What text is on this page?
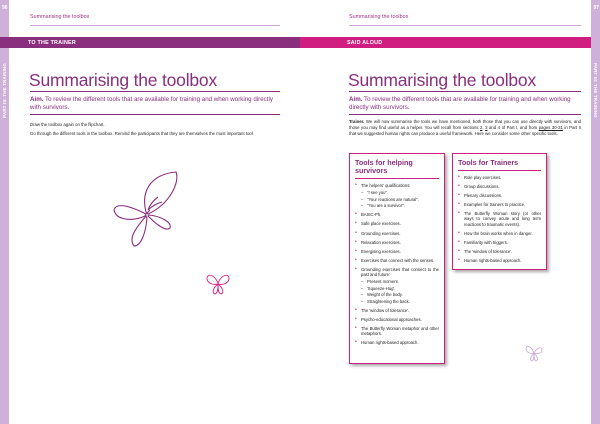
96
PART III: THE TRAINING
Summarising the toolbox
TO THE TRAINER
Summarising the toolbox

Aim. To review the different tools that are available for training and when working directly with survivors.

Draw the toolbox again on the flipchart.

Go through the different tools in the toolbox. Remind the participants that they are themselves the most important tool.

97
PART III: THE TRAINING
Summarising the toolbox
SAID ALOUD
Summarising the toolbox

Aim. To review the different tools that are available for training and when working directly with survivors.

Trainer. We will now summarise the tools we have mentioned, both those that you can use directly with survivors, and those you may find useful as a helper. You will recall from sections 2, 3 and 4 of Part I, and from pages 30-31 in Part II that we suggested human rights can produce a useful framework. Here we consider some other specific tools.

Tools for helping survivors
• The helpers' qualifications:
– "I see you".
– "Your reactions are natural".
– "You are a survivor".
• BASIC-Ph.
• Safe place exercises.
• Grounding exercises.
• Relaxation exercises.
• Energising exercises.
• Exercises that connect with the senses.
• Grounding exercises that connect to the past and future:
– Present moment.
– 'Squeeze-Hug'.
– Weight of the body.
– Straightening the back.
• The 'window of tolerance'.
• Psycho-educational approaches.
• The Butterfly Woman metaphor and other metaphors.
• Human rights-based approach.
Tools for Trainers
• Role play exercises.
• Group discussions.
• Plenary discussions.
• Examples for trainers to practice.
• The Butterfly Woman story (or other ways to convey acute and long term reactions to traumatic events).
• How the brain works when in danger.
• Familiarity with triggers.
• The 'window of tolerance'.
• Human rights-based approach.
